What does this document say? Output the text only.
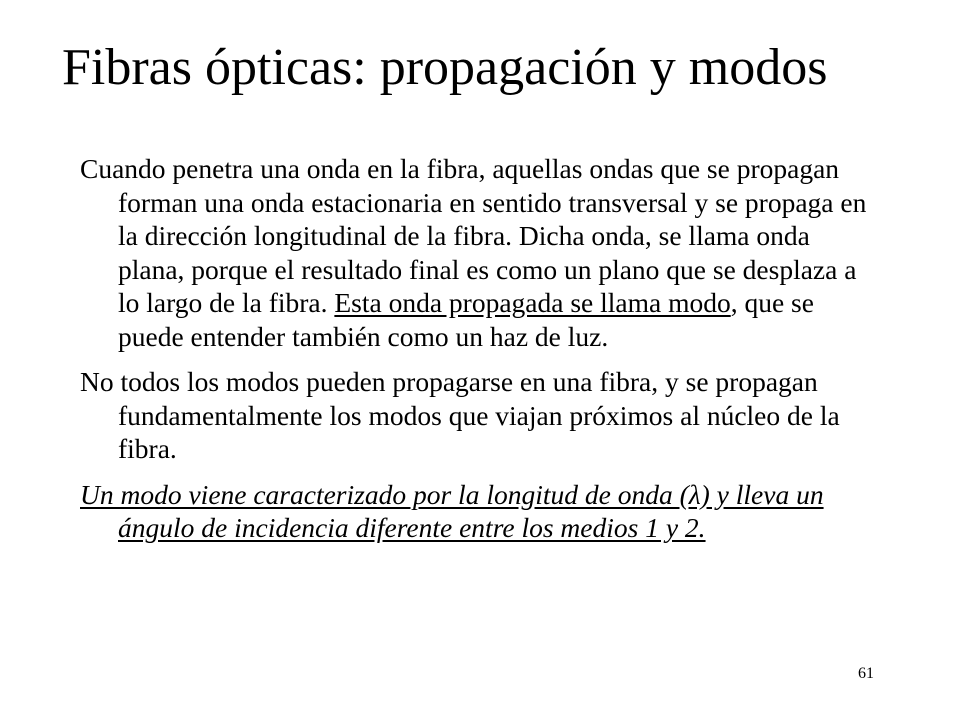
Fibras ópticas: propagación y modos

Cuando penetra una onda en la fibra, aquellas ondas que se propagan forman una onda estacionaria en sentido transversal y se propaga en la dirección longitudinal de la fibra. Dicha onda, se llama onda plana, porque el resultado final es como un plano que se desplaza a lo largo de la fibra. Esta onda propagada se llama modo, que se puede entender también como un haz de luz.

No todos los modos pueden propagarse en una fibra, y se propagan fundamentalmente los modos que viajan próximos al núcleo de la fibra.

Un modo viene caracterizado por la longitud de onda (λ) y lleva un ángulo de incidencia diferente entre los medios 1 y 2.

61
